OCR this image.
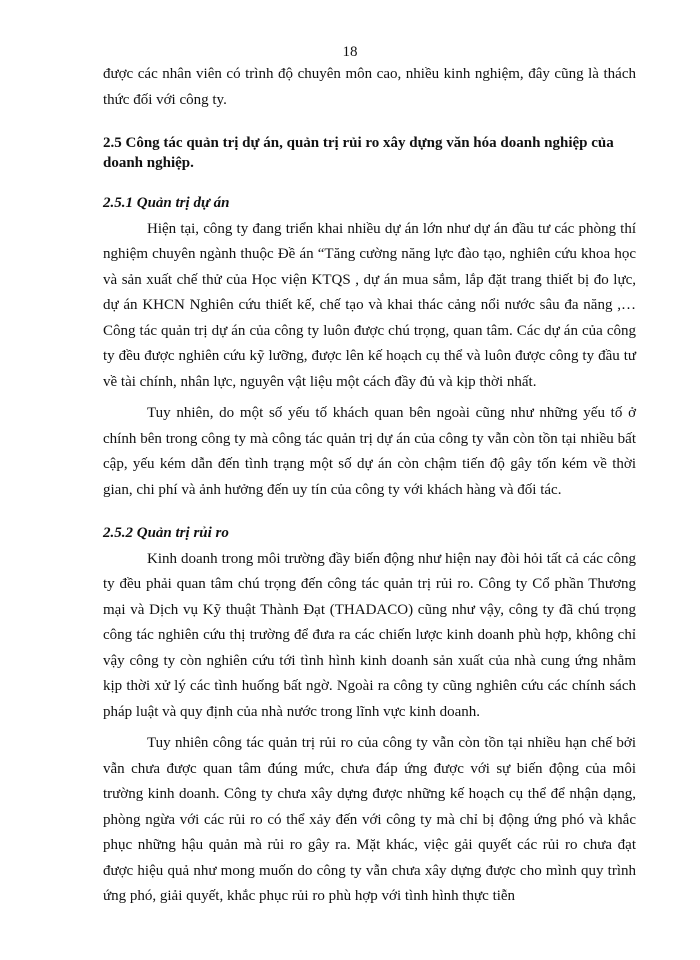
18

được các nhân viên có trình độ chuyên môn cao, nhiều kinh nghiệm, đây cũng là thách thức đối với công ty.

2.5 Công tác quản trị dự án, quản trị rủi ro xây dựng văn hóa doanh nghiệp của doanh nghiệp.

2.5.1 Quản trị dự án

Hiện tại, công ty đang triển khai nhiều dự án lớn như dự án đầu tư các phòng thí nghiệm chuyên ngành thuộc Đề án “Tăng cường năng lực đào tạo, nghiên cứu khoa học và sản xuất chế thử của Học viện KTQS , dự án mua sắm, lắp đặt trang thiết bị đo lực, dự án KHCN Nghiên cứu thiết kế, chế tạo và khai thác cảng nổi nước sâu đa năng ,… Công tác quản trị dự án của công ty luôn được chú trọng, quan tâm. Các dự án của công ty đều được nghiên cứu kỹ lưỡng, được lên kế hoạch cụ thể và luôn được công ty đầu tư về tài chính, nhân lực, nguyên vật liệu một cách đầy đủ và kịp thời nhất.

Tuy nhiên, do một số yếu tố khách quan bên ngoài cũng như những yếu tố ở chính bên trong công ty mà công tác quản trị dự án của công ty vẫn còn tồn tại nhiều bất cập, yếu kém dẫn đến tình trạng một số dự án còn chậm tiến độ gây tốn kém về thời gian, chi phí và ảnh hưởng đến uy tín của công ty với khách hàng và đối tác.

2.5.2 Quản trị rủi ro

Kinh doanh trong môi trường đầy biến động như hiện nay đòi hỏi tất cả các công ty đều phải quan tâm chú trọng đến công tác quản trị rủi ro. Công ty Cổ phần Thương mại và Dịch vụ Kỹ thuật Thành Đạt (THADACO) cũng như vậy, công ty đã chú trọng công tác nghiên cứu thị trường để đưa ra các chiến lược kinh doanh phù hợp, không chỉ vậy công ty còn nghiên cứu tới tình hình kinh doanh sản xuất của nhà cung ứng nhằm kịp thời xử lý các tình huống bất ngờ. Ngoài ra công ty cũng nghiên cứu các chính sách pháp luật và quy định của nhà nước trong lĩnh vực kinh doanh.

Tuy nhiên công tác quản trị rủi ro của công ty vẫn còn tồn tại nhiều hạn chế bởi vẫn chưa được quan tâm đúng mức, chưa đáp ứng được với sự biến động của môi trường kinh doanh. Công ty chưa xây dựng được những kế hoạch cụ thể để nhận dạng, phòng ngừa với các rủi ro có thể xảy đến với công ty mà chỉ bị động ứng phó và khắc phục những hậu quản mà rủi ro gây ra. Mặt khác, việc gải quyết các rủi ro chưa đạt được hiệu quả như mong muốn do công ty vẫn chưa xây dựng được cho mình quy trình ứng phó, giải quyết, khắc phục rủi ro phù hợp với tình hình thực tiễn
